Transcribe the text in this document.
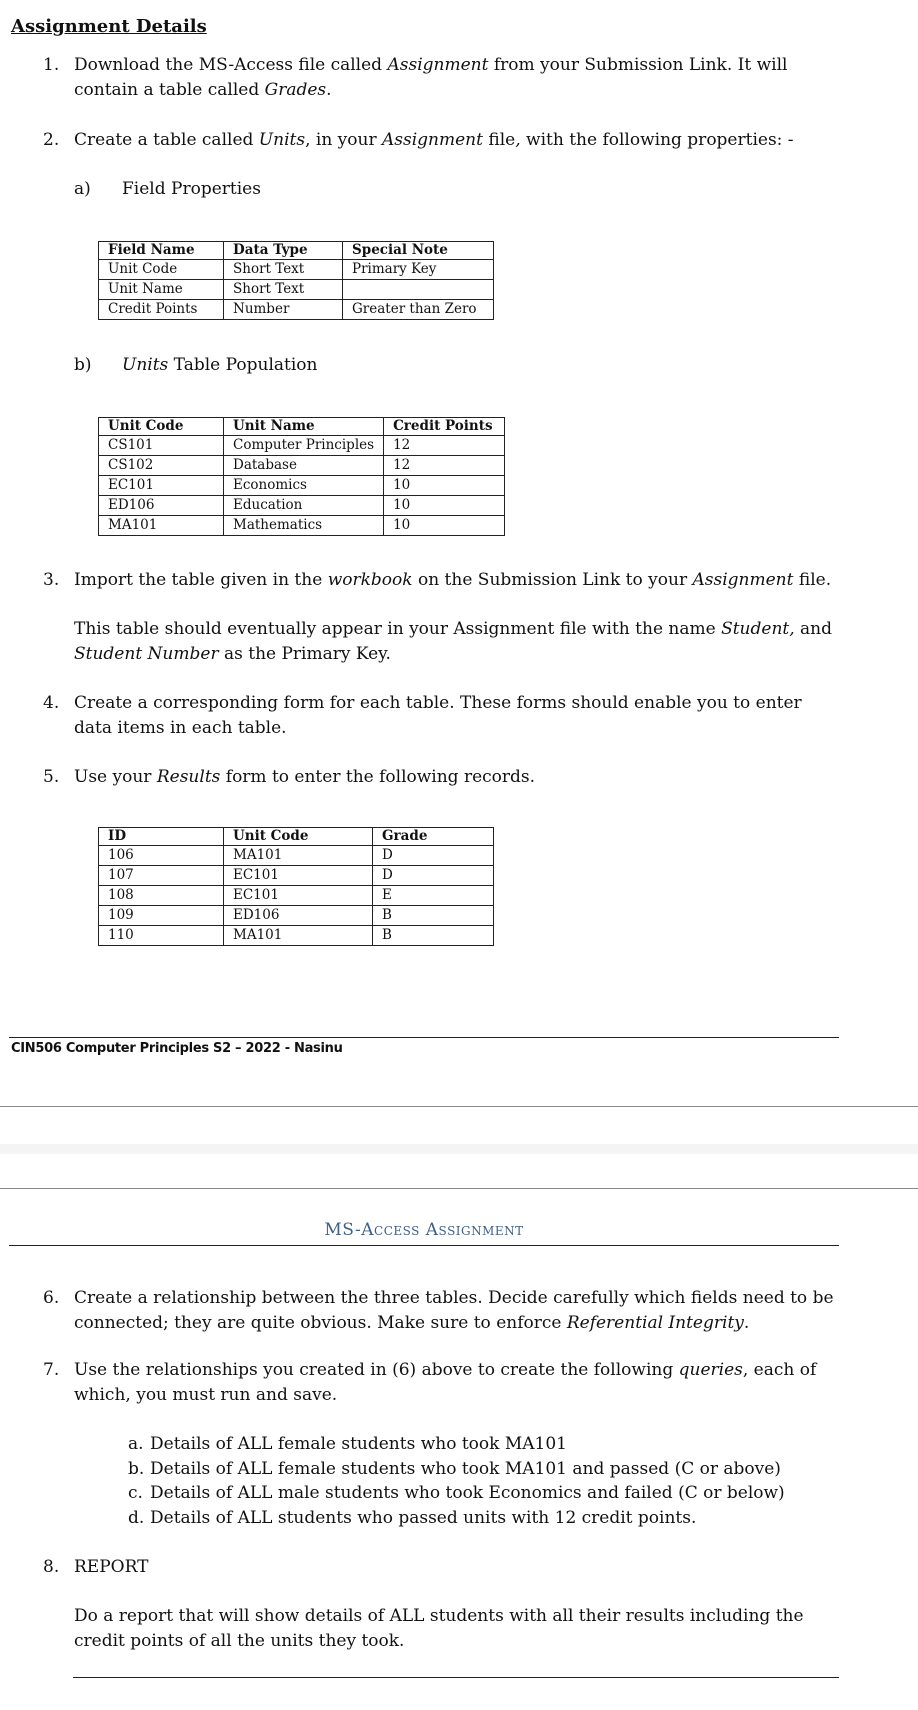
Assignment Details
1. Download the MS-Access file called Assignment from your Submission Link. It will contain a table called Grades.
2. Create a table called Units, in your Assignment file, with the following properties: -
a) Field Properties
Field Name	Data Type	Special Note
Unit Code	Short Text	Primary Key
Unit Name	Short Text	
Credit Points	Number	Greater than Zero
b) Units Table Population
Unit Code	Unit Name	Credit Points
CS101	Computer Principles	12
CS102	Database	12
EC101	Economics	10
ED106	Education	10
MA101	Mathematics	10
3. Import the table given in the workbook on the Submission Link to your Assignment file.
This table should eventually appear in your Assignment file with the name Student, and Student Number as the Primary Key.
4. Create a corresponding form for each table. These forms should enable you to enter data items in each table.
5. Use your Results form to enter the following records.
ID	Unit Code	Grade
106	MA101	D
107	EC101	D
108	EC101	E
109	ED106	B
110	MA101	B
CIN506 Computer Principles S2 – 2022 - Nasinu
MS-Access Assignment
6. Create a relationship between the three tables. Decide carefully which fields need to be connected; they are quite obvious. Make sure to enforce Referential Integrity.
7. Use the relationships you created in (6) above to create the following queries, each of which, you must run and save.
a. Details of ALL female students who took MA101
b. Details of ALL female students who took MA101 and passed (C or above)
c. Details of ALL male students who took Economics and failed (C or below)
d. Details of ALL students who passed units with 12 credit points.
8. REPORT
Do a report that will show details of ALL students with all their results including the credit points of all the units they took.
